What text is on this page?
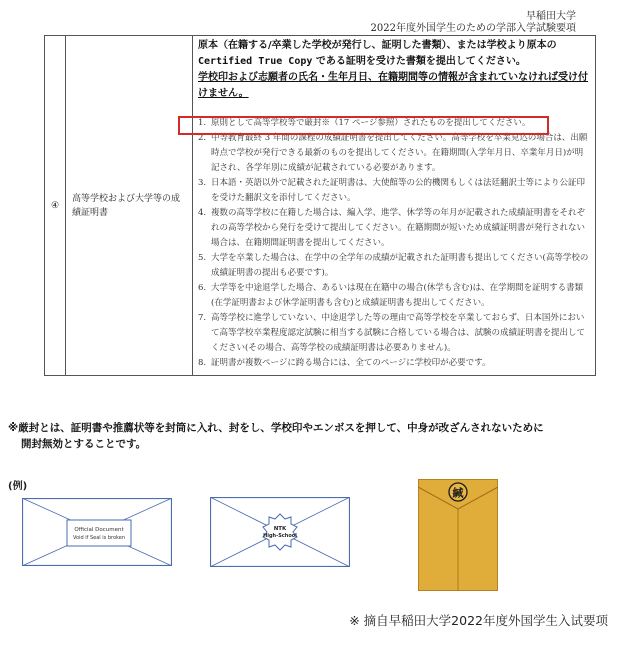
早稲田大学
2022年度外国学生のための学部入学試験要項
④	高等学校および大学等の成績証明書	
原本（在籍する/卒業した学校が発行し、証明した書類）、または学校より原本の
Certified True Copy である証明を受けた書類を提出してください。
学校印および志願者の氏名・生年月日、在籍期間等の情報が含まれていなければ受け付けません。
1. 原則として高等学校等で厳封※（17 ページ参照）されたものを提出してください。
2. 中等教育最終 3 年間の課程の成績証明書を提出してください。高等学校を卒業見込の場合は、出願時点で学校が発行できる最新のものを提出してください。在籍期間(入学年月日、卒業年月日)が明記され、各学年別に成績が記載されている必要があります。
3. 日本語・英語以外で記載された証明書は、大使館等の公的機関もしくは法廷翻訳士等により公証印を受けた翻訳文を添付してください。
4. 複数の高等学校に在籍した場合は、編入学、進学、休学等の年月が記載された成績証明書をそれぞれの高等学校から発行を受けて提出してください。在籍期間が短いため成績証明書が発行されない場合は、在籍期間証明書を提出してください。
5. 大学を卒業した場合は、在学中の全学年の成績が記載された証明書も提出してください(高等学校の成績証明書の提出も必要です)。
6. 大学等を中途退学した場合、あるいは現在在籍中の場合(休学も含む)は、在学期間を証明する書類(在学証明書および休学証明書も含む)と成績証明書も提出してください。
7. 高等学校に進学していない、中途退学した等の理由で高等学校を卒業しておらず、日本国外において高等学校卒業程度認定試験に相当する試験に合格している場合は、試験の成績証明書を提出してください(その場合、高等学校の成績証明書は必要ありません)。
8. 証明書が複数ページに跨る場合には、全てのページに学校印が必要です。
※厳封とは、証明書や推薦状等を封筒に入れ、封をし、学校印やエンボスを押して、中身が改ざんされないために
開封無効とすることです。
(例)
Official Document
Void if Seal is broken
NTK
High-School
緘
※ 摘自早稲田大学2022年度外国学生入试要项
